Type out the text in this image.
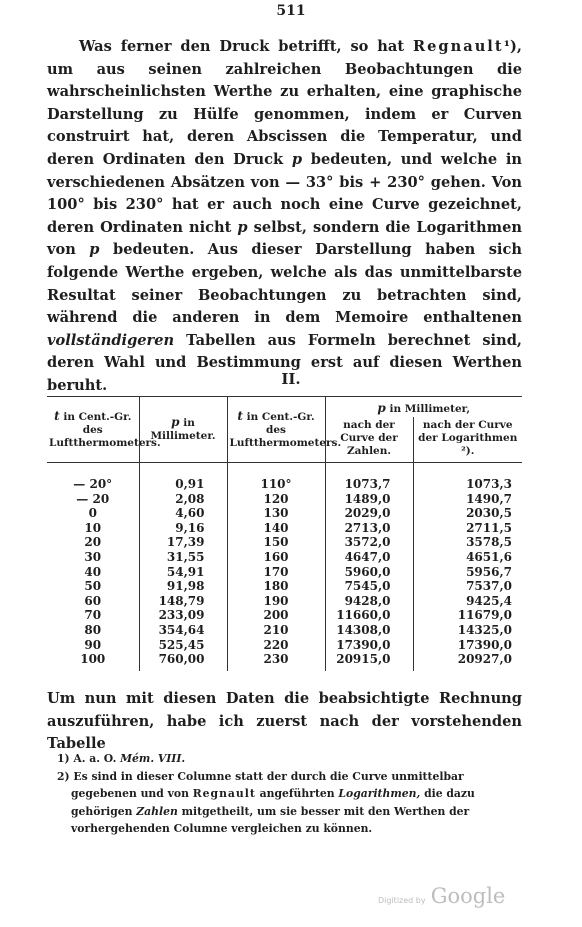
511

Was ferner den Druck betrifft, so hat Regnault¹), um aus seinen zahlreichen Beobachtungen die wahrscheinlichsten Werthe zu erhalten, eine graphische Darstellung zu Hülfe genommen, indem er Curven construirt hat, deren Abscissen die Temperatur, und deren Ordinaten den Druck p bedeuten, und welche in verschiedenen Absätzen von — 33° bis + 230° gehen. Von 100° bis 230° hat er auch noch eine Curve gezeichnet, deren Ordinaten nicht p selbst, sondern die Logarithmen von p bedeuten. Aus dieser Darstellung haben sich folgende Werthe ergeben, welche als das unmittelbarste Resultat seiner Beobachtungen zu betrachten sind, während die anderen in dem Memoire enthaltenen vollständigeren Tabellen aus Formeln berechnet sind, deren Wahl und Bestimmung erst auf diesen Werthen beruht.	II.
t in Cent.-Gr. des Luftthermometers.	p in Millimeter.	t in Cent.-Gr. des Luftthermometers.	p in Millimeter,	
			nach der Curve der Zahlen.	nach der Curve der Logarithmen ²).
— 20°	0,91	110°	1073,7	1073,3
— 20	2,08	120	1489,0	1490,7
0	4,60	130	2029,0	2030,5
10	9,16	140	2713,0	2711,5
20	17,39	150	3572,0	3578,5
30	31,55	160	4647,0	4651,6
40	54,91	170	5960,0	5956,7
50	91,98	180	7545,0	7537,0
60	148,79	190	9428,0	9425,4
70	233,09	200	11660,0	11679,0
80	354,64	210	14308,0	14325,0
90	525,45	220	17390,0	17390,0
100	760,00	230	20915,0	20927,0

Um nun mit diesen Daten die beabsichtigte Rechnung auszuführen, habe ich zuerst nach der vorstehenden Tabelle

1) A. a. O. Mém. VIII.

2) Es sind in dieser Columne statt der durch die Curve unmittelbar gegebenen und von Regnault angeführten Logarithmen, die dazu gehörigen Zahlen mitgetheilt, um sie besser mit den Werthen der vorhergehenden Columne vergleichen zu können.

Digitized by Google
